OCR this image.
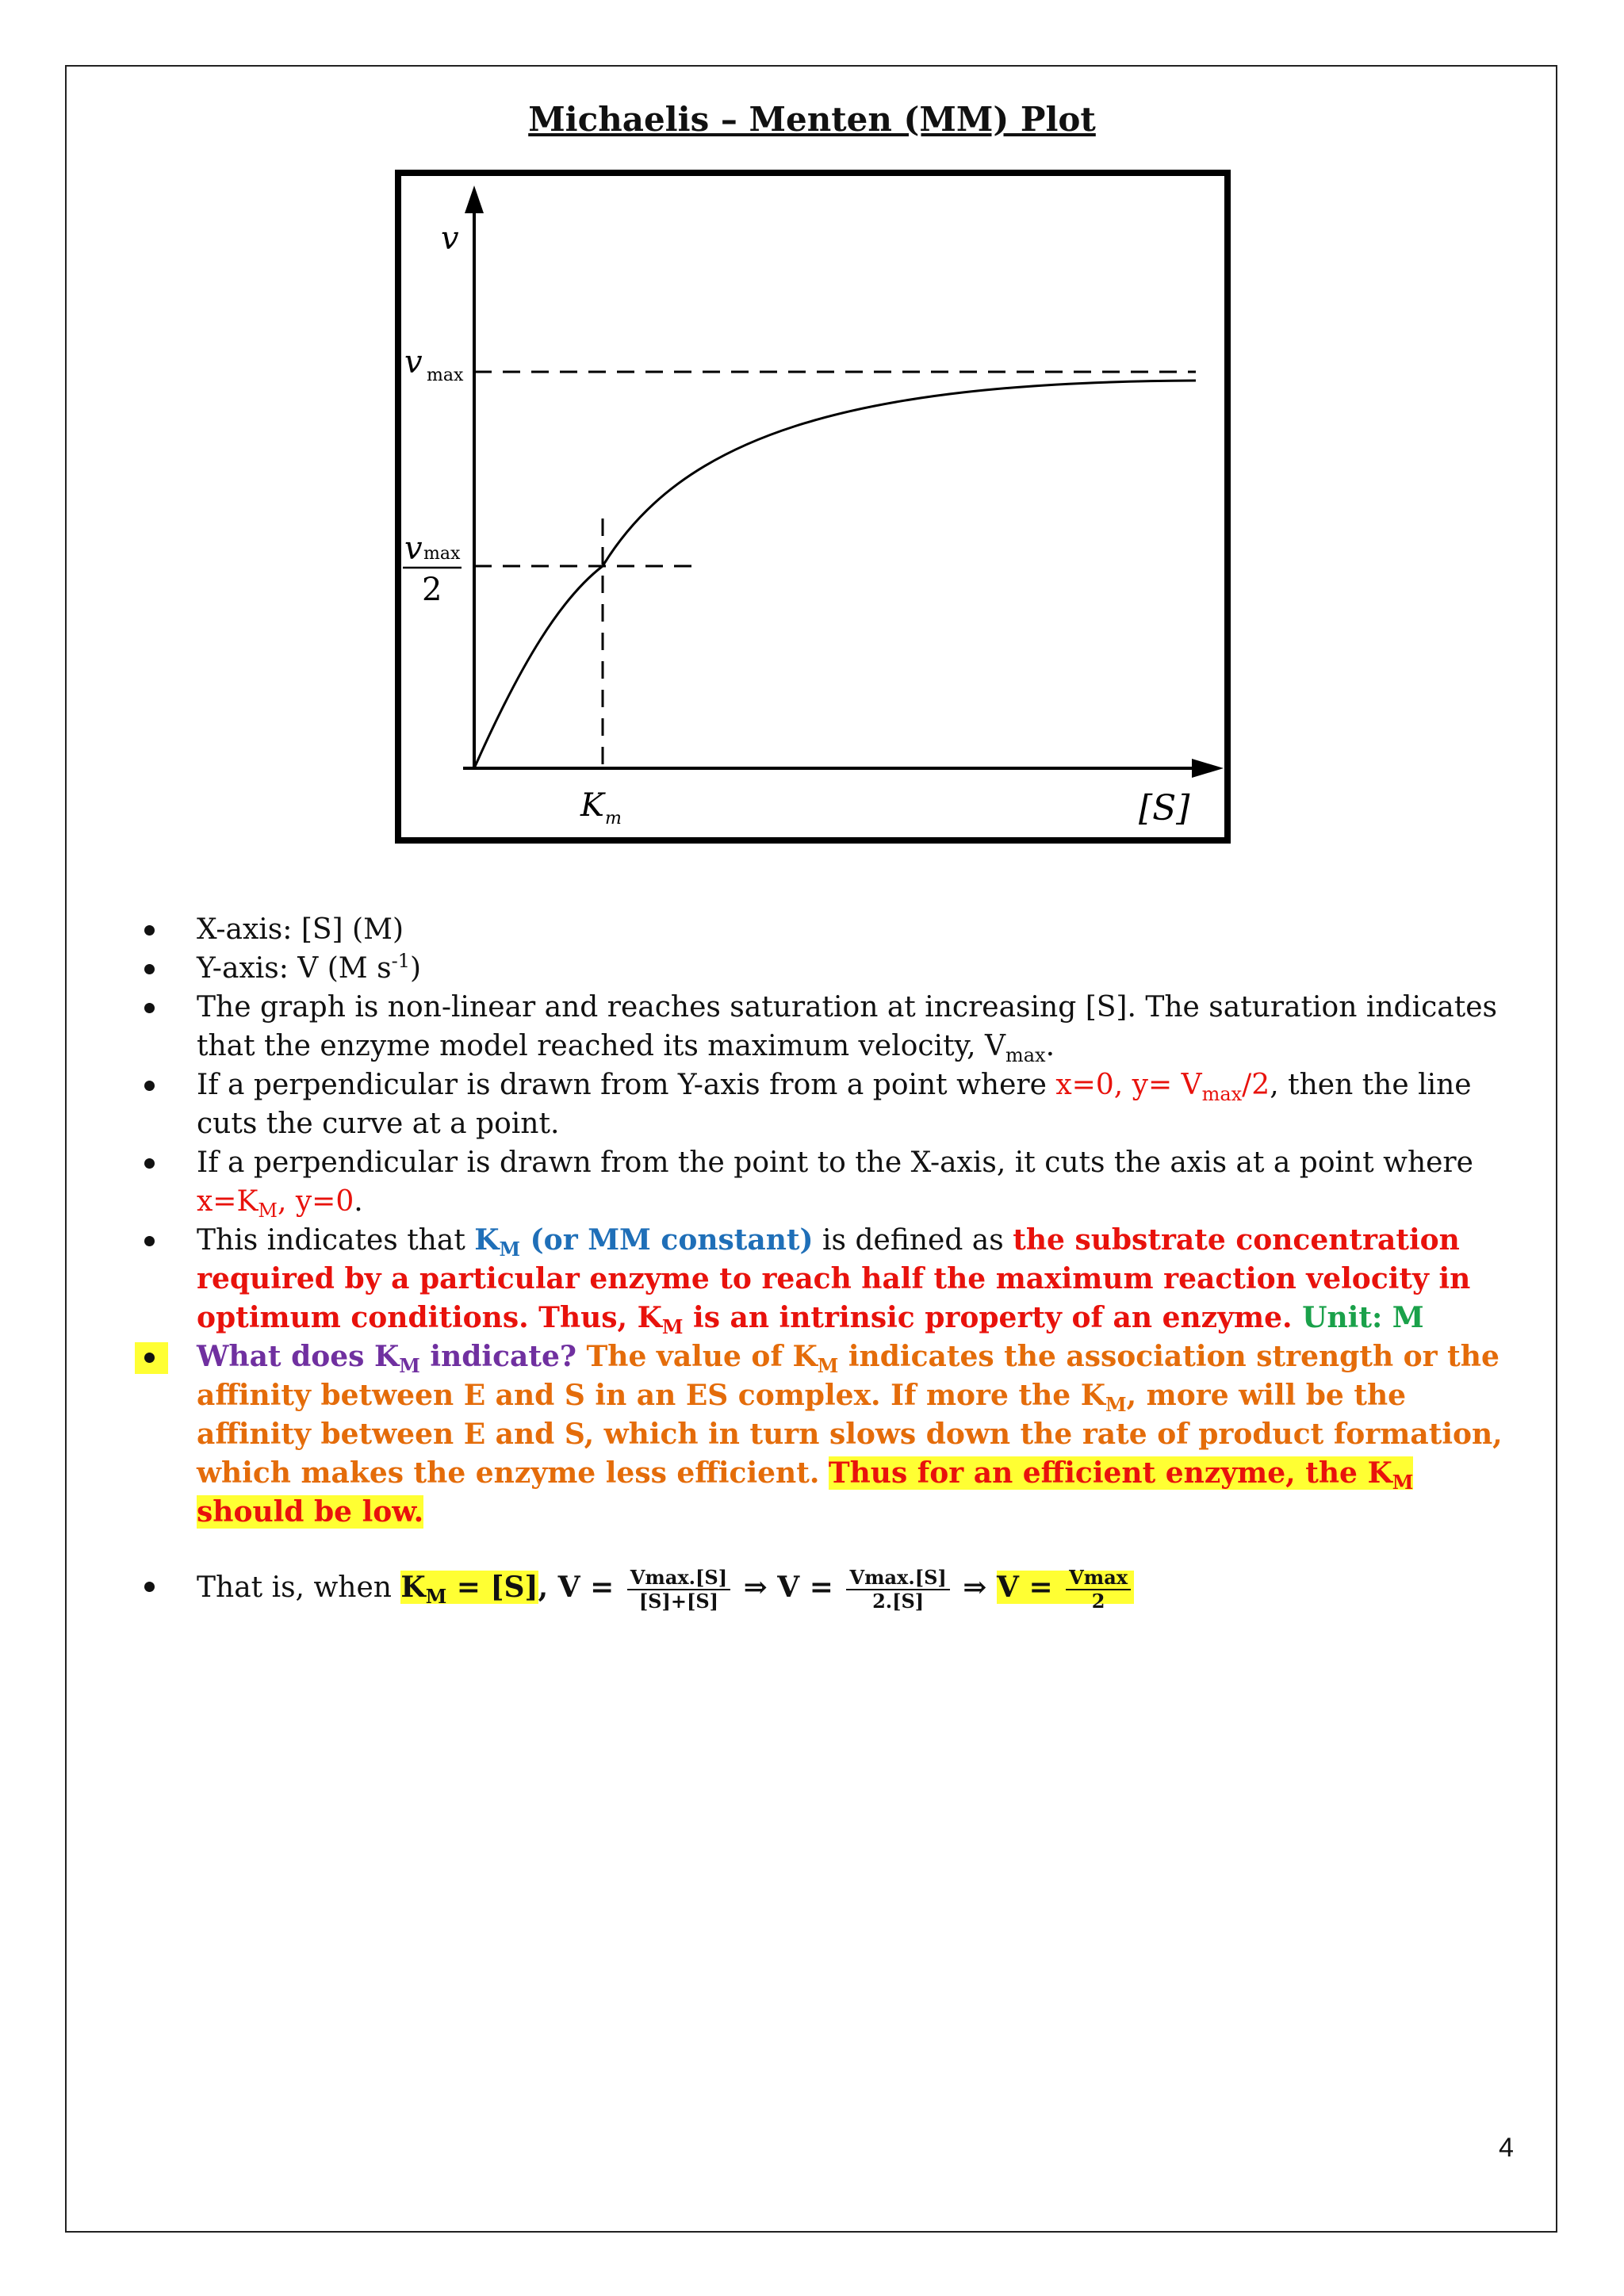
Michaelis – Menten (MM) Plot
v
v max
v max
2
K m	[S]
X-axis: [S] (M)
Y-axis: V (M $s^{-1}$)
The graph is non-linear and reaches saturation at increasing [S]. The saturation indicates that the enzyme model reached its maximum velocity, $V_{max}$.
If a perpendicular is drawn from Y-axis from a point where x=0, $y= V_{max}/2$, then the line cuts the curve at a point.
If a perpendicular is drawn from the point to the X-axis, it cuts the axis at a point where $x=K_M$, y=0.
This indicates that $K_M$ (or MM constant) is defined as the substrate concentration required by a particular enzyme to reach half the maximum reaction velocity in optimum conditions. Thus, $K_M$ is an intrinsic property of an enzyme. Unit: M
What does $K_M$ indicate? The value of $K_M$ indicates the association strength or the affinity between E and S in an ES complex. If more the $K_M$, more will be the affinity between E and S, which in turn slows down the rate of product formation, which makes the enzyme less efficient. Thus for an efficient enzyme, the $K_M$ should be low.
That is, when $K_M = [S]$, $V = \frac{Vmax.[S]}{[S]+[S]}$ ⇒ $V = \frac{Vmax.[S]}{2.[S]}$ ⇒ $V = \frac{Vmax}{2}$
4
